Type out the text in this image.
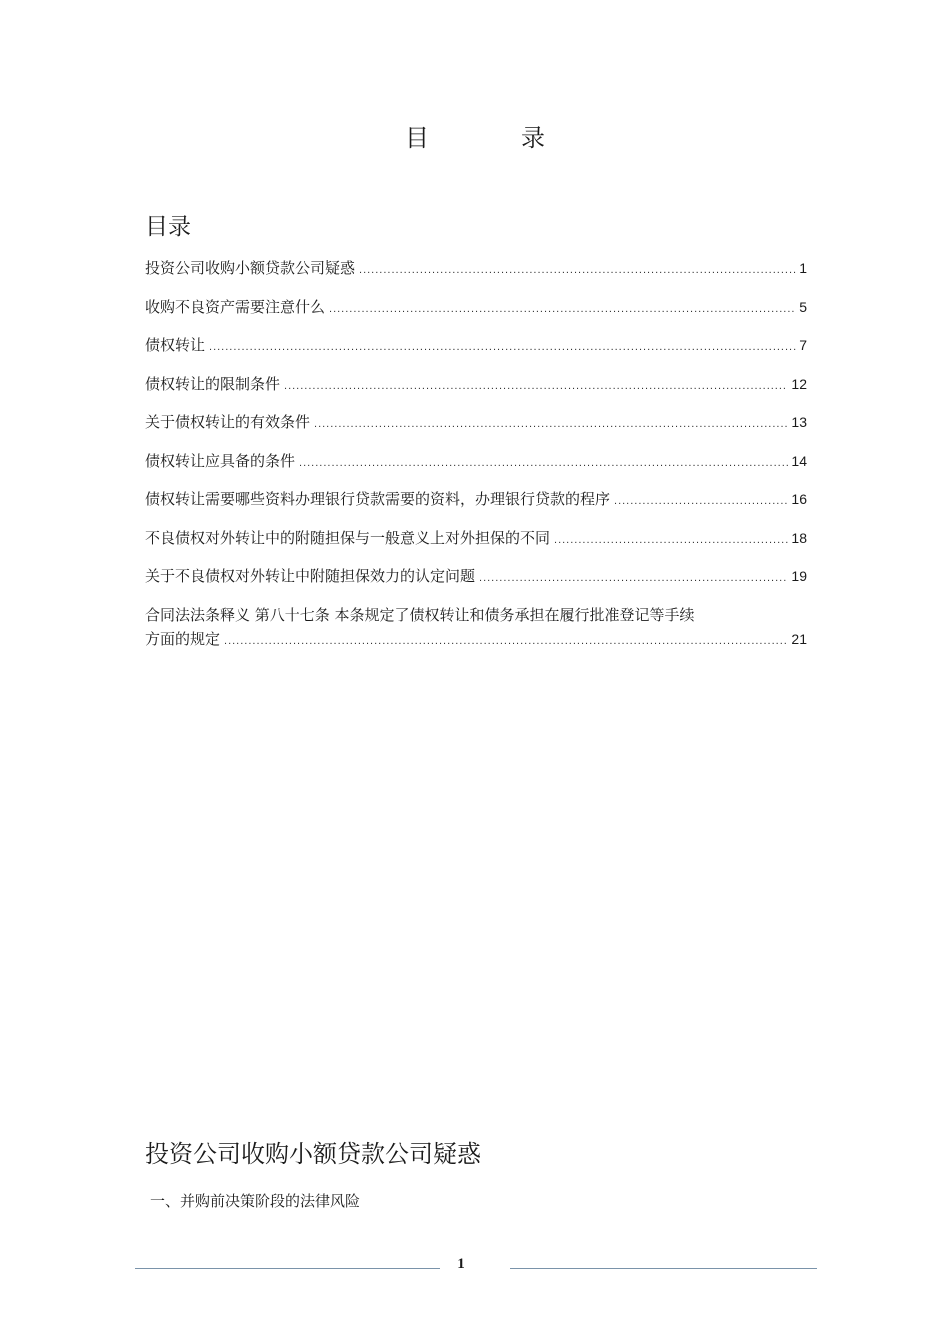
目　录
目录
投资公司收购小额贷款公司疑惑 .....	1
收购不良资产需要注意什么 .....	5
债权转让 .....	7
债权转让的限制条件 .....	12
关于债权转让的有效条件 .....	13
债权转让应具备的条件 .....	14
债权转让需要哪些资料办理银行贷款需要的资料，办理银行贷款的程序 .....	16
不良债权对外转让中的附随担保与一般意义上对外担保的不同 .....	18
关于不良债权对外转让中附随担保效力的认定问题 .....	19
合同法法条释义 第八十七条 本条规定了债权转让和债务承担在履行批准登记等手续
方面的规定 .....	21
投资公司收购小额贷款公司疑惑

一、并购前决策阶段的法律风险

1
